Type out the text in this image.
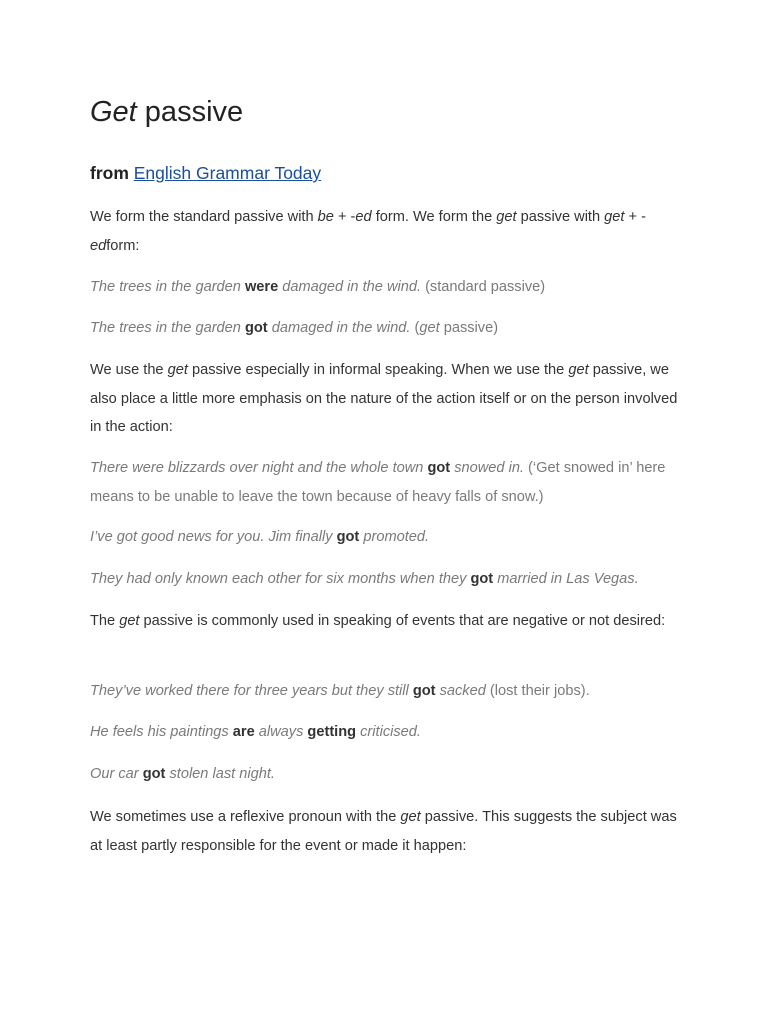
Get passive
from English Grammar Today

We form the standard passive with be + -ed form. We form the get passive with get + -edform:

The trees in the garden were damaged in the wind. (standard passive)

The trees in the garden got damaged in the wind. (get passive)

We use the get passive especially in informal speaking. When we use the get passive, we also place a little more emphasis on the nature of the action itself or on the person involved in the action:

There were blizzards over night and the whole town got snowed in. (‘Get snowed in’ here means to be unable to leave the town because of heavy falls of snow.)

I’ve got good news for you. Jim finally got promoted.

They had only known each other for six months when they got married in Las Vegas.

The get passive is commonly used in speaking of events that are negative or not desired:

They’ve worked there for three years but they still got sacked (lost their jobs).

He feels his paintings are always getting criticised.

Our car got stolen last night.

We sometimes use a reflexive pronoun with the get passive. This suggests the subject was at least partly responsible for the event or made it happen:
